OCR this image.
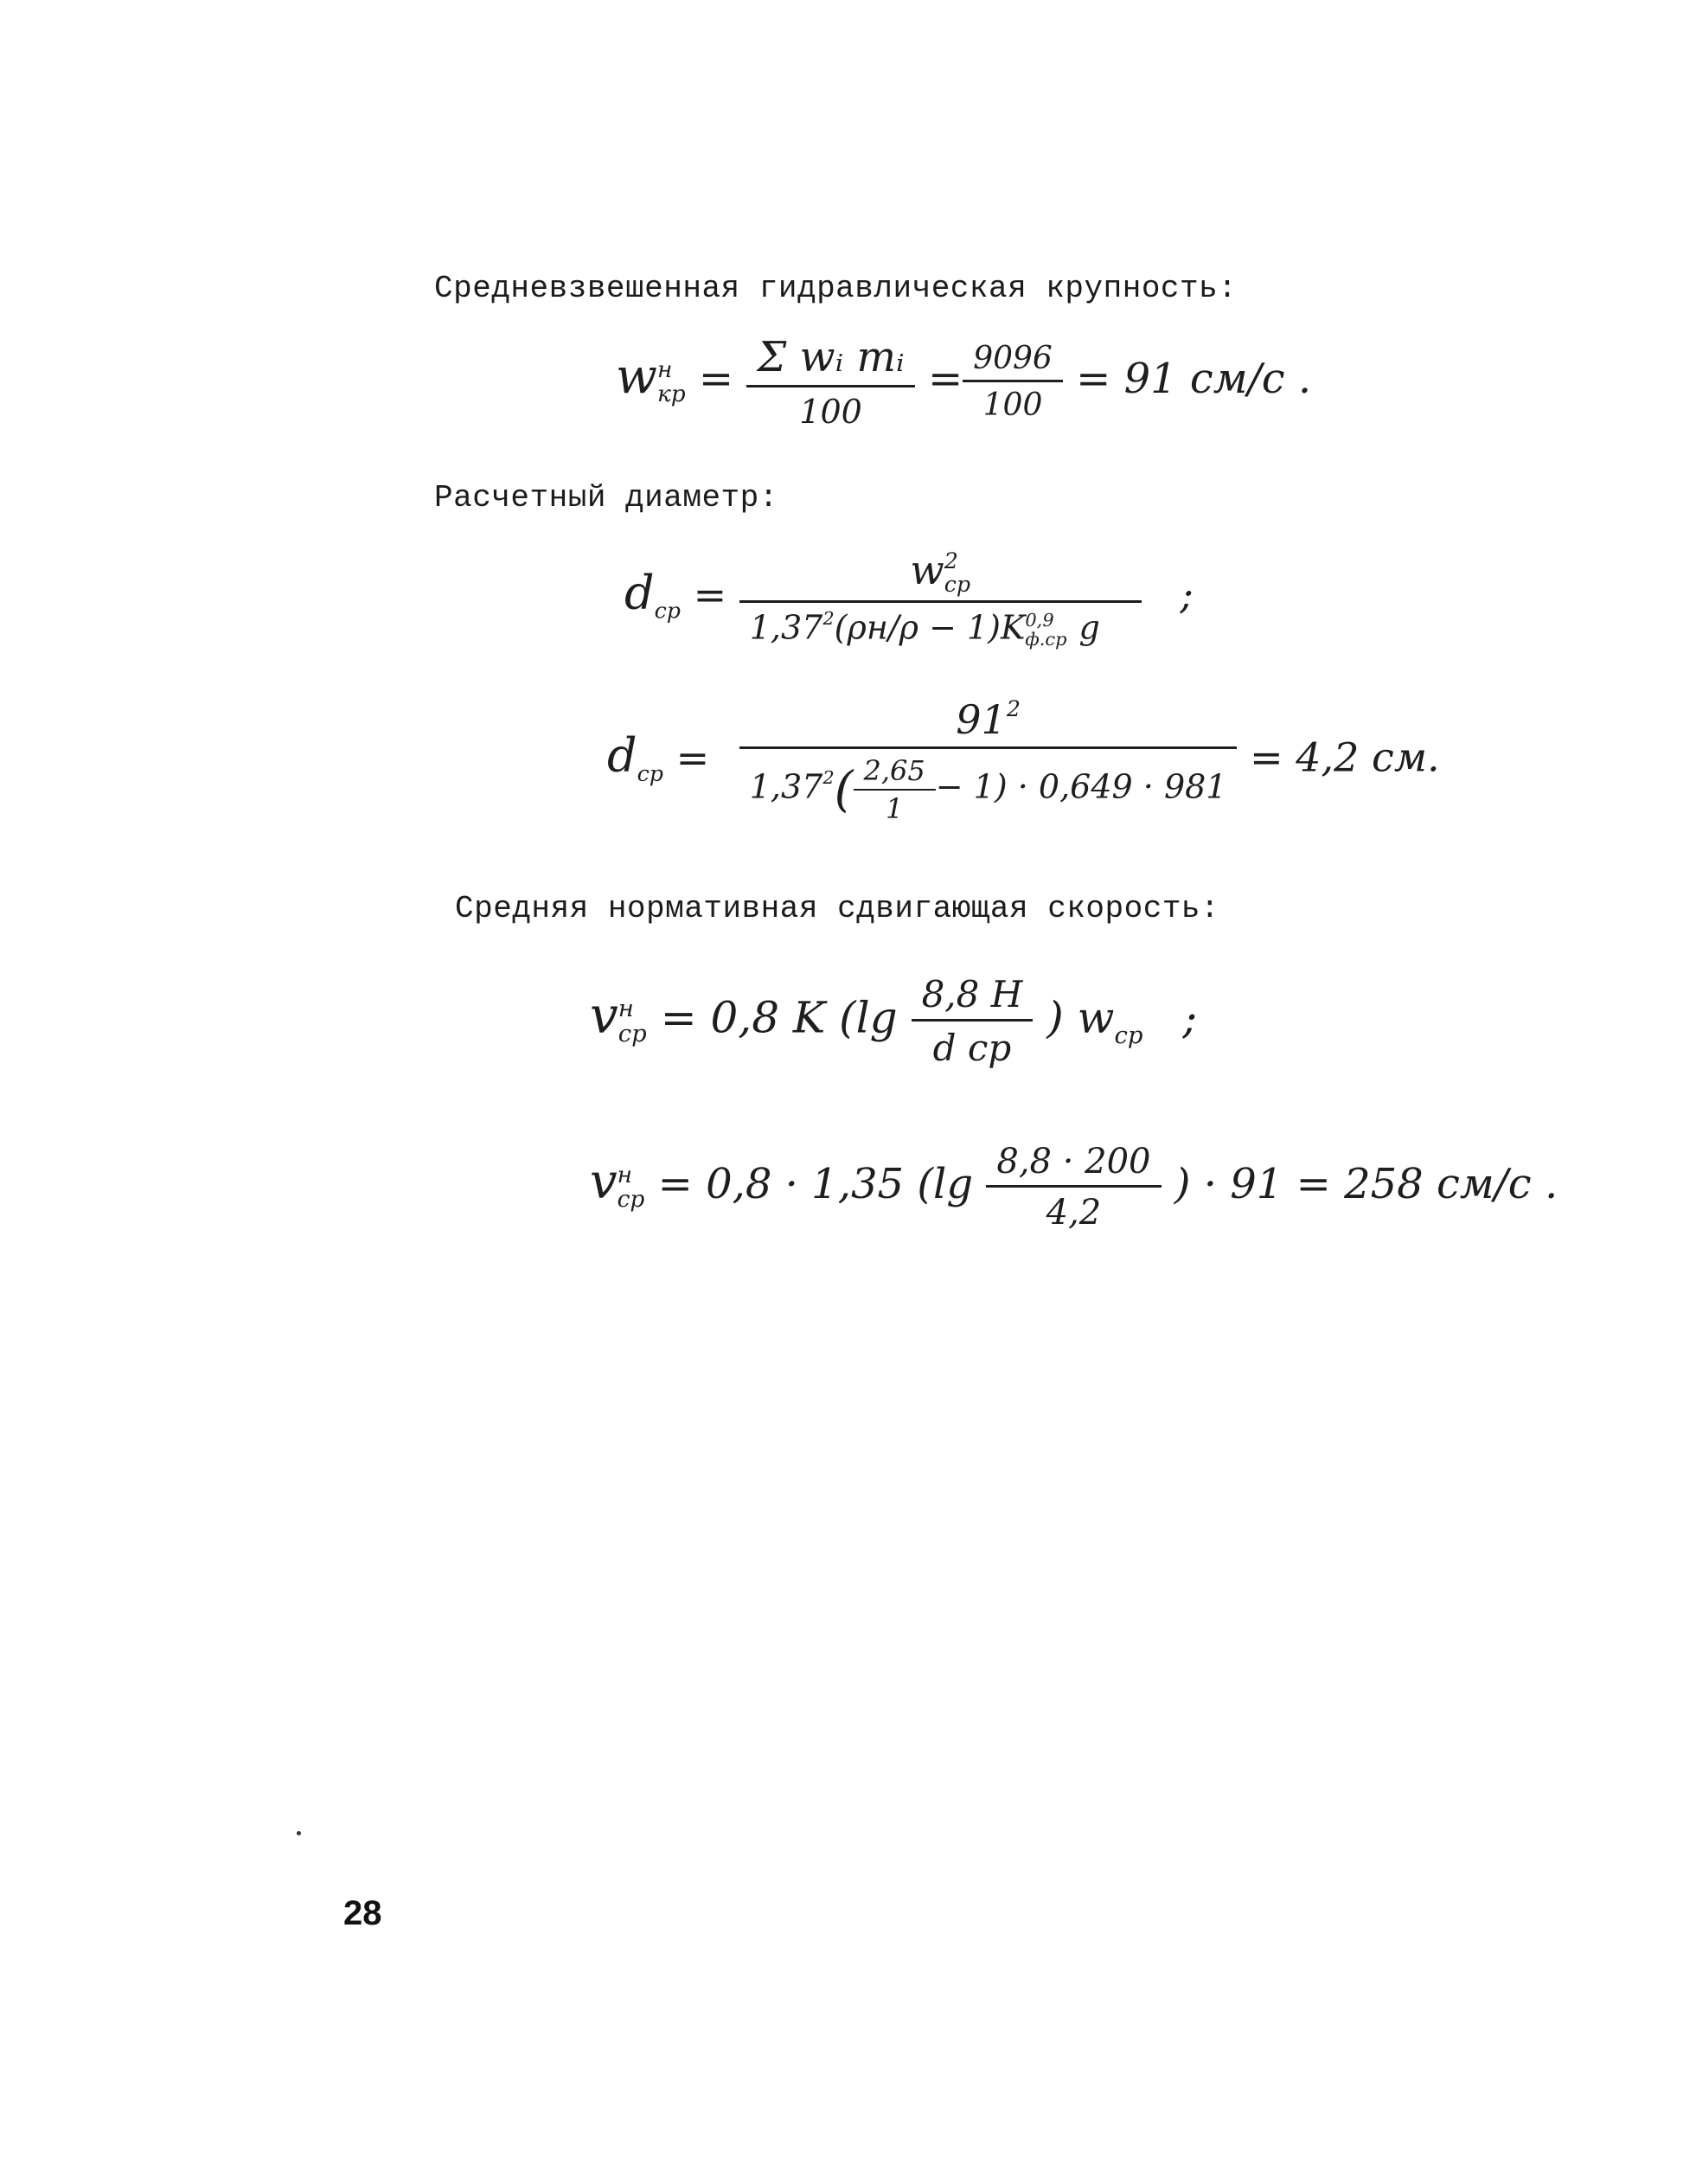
Средневзвешенная гидравлическая крупность:
w н
кр = $\frac{\text{Σ wᵢ mᵢ}}{100} = \frac{9096}{100} = 91$ см/с .
Расчетный диаметр:
$d_{ср} = w$ 2
ср
$1,37^2(\rho н/\rho - 1)K$ 0,9
ф.ср g ;
$d_{ср} = \frac{91^2}{1,37^2( \frac{2,65}{1} - 1) \cdot 0,649 \cdot 981} = 4,2$ см.
Средняя нормативная сдвигающая скорость:
v н
ср = 0,8 K ($\lg \frac{8,8 H}{\text{d ср}}$ ) $w_{ср}$ ;
v н
ср = 0,8 · 1,35 ($\lg \frac{8,8 \cdot 200}{4,2}$ ) · 91 = 258 см/с .
28
